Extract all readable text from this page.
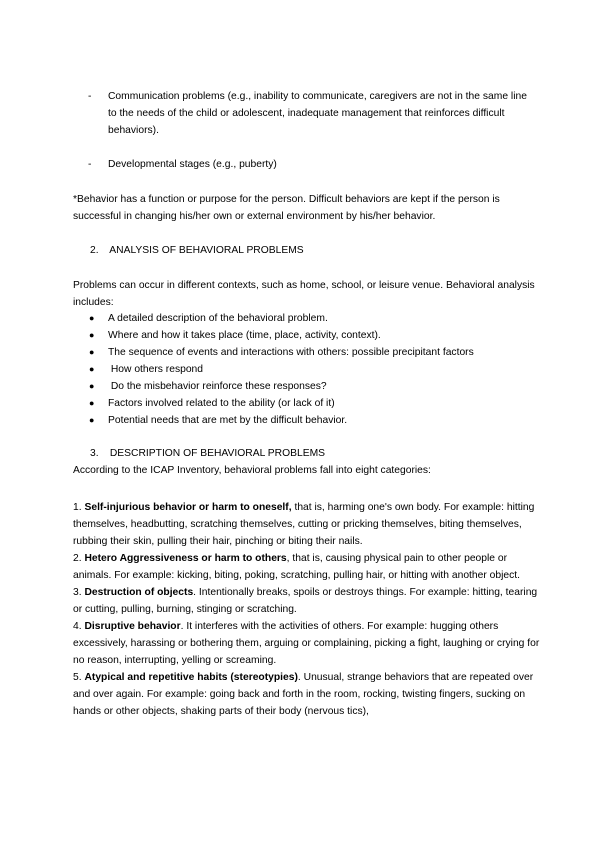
-	Communication problems (e.g., inability to communicate, caregivers are not in the same line to the needs of the child or adolescent, inadequate management that reinforces difficult behaviors).
-	Developmental stages (e.g., puberty)
*Behavior has a function or purpose for the person. Difficult behaviors are kept if the person is successful in changing his/her own or external environment by his/her behavior.
2. ANALYSIS OF BEHAVIORAL PROBLEMS
Problems can occur in different contexts, such as home, school, or leisure venue. Behavioral analysis includes:
●	A detailed description of the behavioral problem.
●	Where and how it takes place (time, place, activity, context).
●	The sequence of events and interactions with others: possible precipitant factors
●	How others respond
●	Do the misbehavior reinforce these responses?
●	Factors involved related to the ability (or lack of it)
●	Potential needs that are met by the difficult behavior.
3. DESCRIPTION OF BEHAVIORAL PROBLEMS
According to the ICAP Inventory, behavioral problems fall into eight categories:

1. Self-injurious behavior or harm to oneself, that is, harming one's own body. For example: hitting themselves, headbutting, scratching themselves, cutting or pricking themselves, biting themselves, rubbing their skin, pulling their hair, pinching or biting their nails.

2. Hetero Aggressiveness or harm to others, that is, causing physical pain to other people or animals. For example: kicking, biting, poking, scratching, pulling hair, or hitting with another object.

3. Destruction of objects. Intentionally breaks, spoils or destroys things. For example: hitting, tearing or cutting, pulling, burning, stinging or scratching.

4. Disruptive behavior. It interferes with the activities of others. For example: hugging others excessively, harassing or bothering them, arguing or complaining, picking a fight, laughing or crying for no reason, interrupting, yelling or screaming.

5. Atypical and repetitive habits (stereotypies). Unusual, strange behaviors that are repeated over and over again. For example: going back and forth in the room, rocking, twisting fingers, sucking on hands or other objects, shaking parts of their body (nervous tics),
